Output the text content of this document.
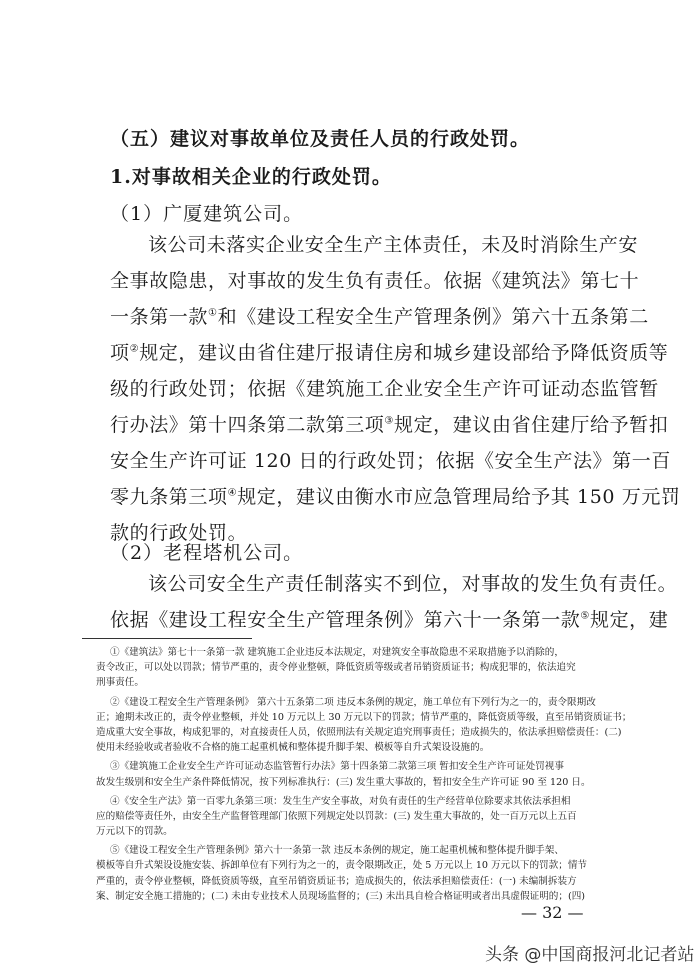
（五）建议对事故单位及责任人员的行政处罚。
1.对事故相关企业的行政处罚。
（1）广厦建筑公司。
该公司未落实企业安全生产主体责任，未及时消除生产安
全事故隐患，对事故的发生负有责任。依据《建筑法》第七十
一条第一款①和《建设工程安全生产管理条例》第六十五条第二
项②规定，建议由省住建厅报请住房和城乡建设部给予降低资质等
级的行政处罚；依据《建筑施工企业安全生产许可证动态监管暂
行办法》第十四条第二款第三项③规定，建议由省住建厅给予暂扣
安全生产许可证 120 日的行政处罚；依据《安全生产法》第一百
零九条第三项④规定，建议由衡水市应急管理局给予其 150 万元罚
款的行政处罚。
（2）老程塔机公司。
该公司安全生产责任制落实不到位，对事故的发生负有责任。
依据《建设工程安全生产管理条例》第六十一条第一款⑤规定，建
①《建筑法》第七十一条第一款 建筑施工企业违反本法规定，对建筑安全事故隐患不采取措施予以消除的，
责令改正，可以处以罚款；情节严重的，责令停业整顿，降低资质等级或者吊销资质证书；构成犯罪的，依法追究
刑事责任。
②《建设工程安全生产管理条例》 第六十五条第二项 违反本条例的规定，施工单位有下列行为之一的，责令限期改
正；逾期未改正的，责令停业整顿，并处 10 万元以上 30 万元以下的罚款；情节严重的，降低资质等级，直至吊销资质证书；
造成重大安全事故，构成犯罪的，对直接责任人员，依照刑法有关规定追究刑事责任；造成损失的，依法承担赔偿责任：(二)
使用未经验收或者验收不合格的施工起重机械和整体提升脚手架、模板等自升式架设设施的。
③《建筑施工企业安全生产许可证动态监管暂行办法》第十四条第二款第三项 暂扣安全生产许可证处罚视事
故发生级别和安全生产条件降低情况，按下列标准执行：(三) 发生重大事故的，暂扣安全生产许可证 90 至 120 日。
④《安全生产法》第一百零九条第三项：发生生产安全事故，对负有责任的生产经营单位除要求其依法承担相
应的赔偿等责任外，由安全生产监督管理部门依照下列规定处以罚款：(三) 发生重大事故的，处一百万元以上五百
万元以下的罚款。
⑤《建设工程安全生产管理条例》第六十一条第一款 违反本条例的规定，施工起重机械和整体提升脚手架、
模板等自升式架设设施安装、拆卸单位有下列行为之一的，责令限期改正，处 5 万元以上 10 万元以下的罚款；情节
严重的，责令停业整顿，降低资质等级，直至吊销资质证书；造成损失的，依法承担赔偿责任：(一) 未编制拆装方
案、制定安全施工措施的；(二) 未由专业技术人员现场监督的；(三) 未出具自检合格证明或者出具虚假证明的；(四)
— 32 —
头条 @中国商报河北记者站
